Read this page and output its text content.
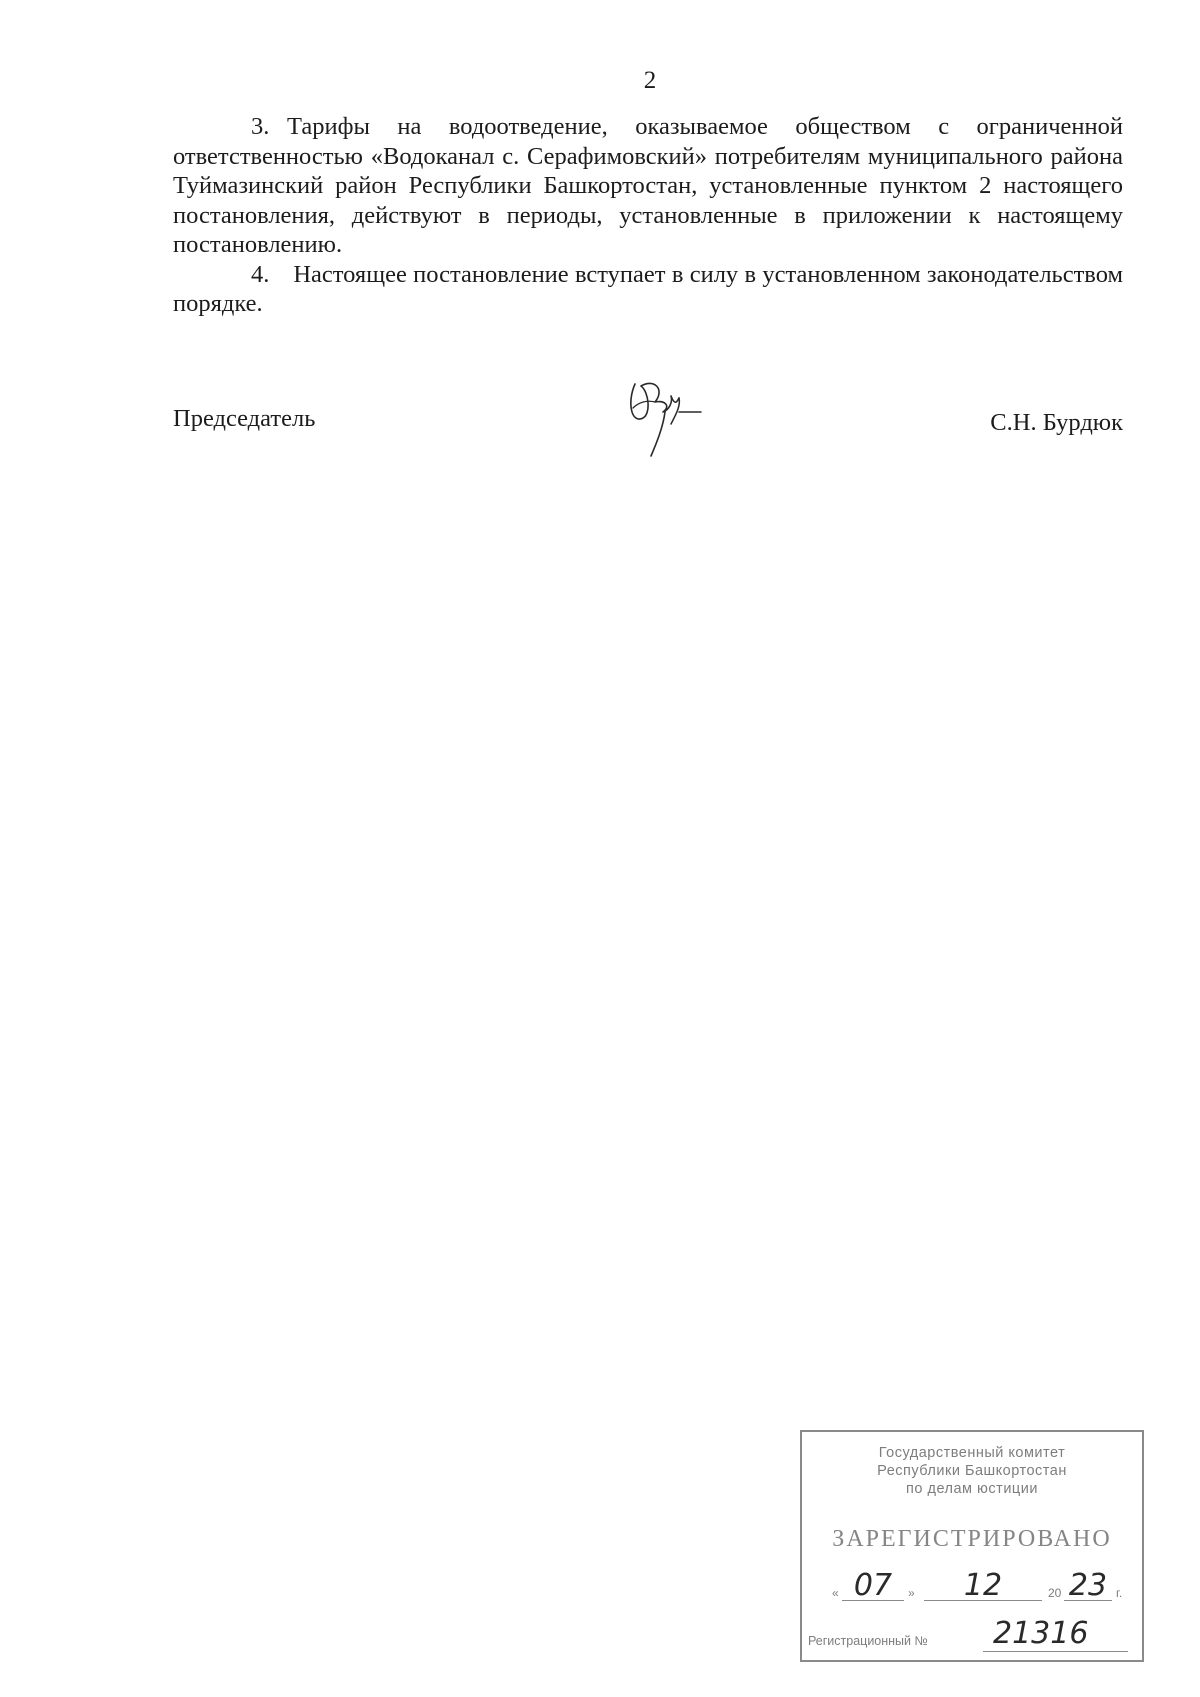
2

3. Тарифы на водоотведение, оказываемое обществом с ограниченной ответственностью «Водоканал с. Серафимовский» потребителям муниципального района Туймазинский район Республики Башкортостан, установленные пунктом 2 настоящего постановления, действуют в периоды, установленные в приложении к настоящему постановлению.

4. Настоящее постановление вступает в силу в установленном законодательством порядке.

Председатель	С.Н. Бурдюк
Государственный комитет
Республики Башкортостан
по делам юстиции
ЗАРЕГИСТРИРОВАНО
« 07	»	12	20 23 г.
Регистрационный №	21316
